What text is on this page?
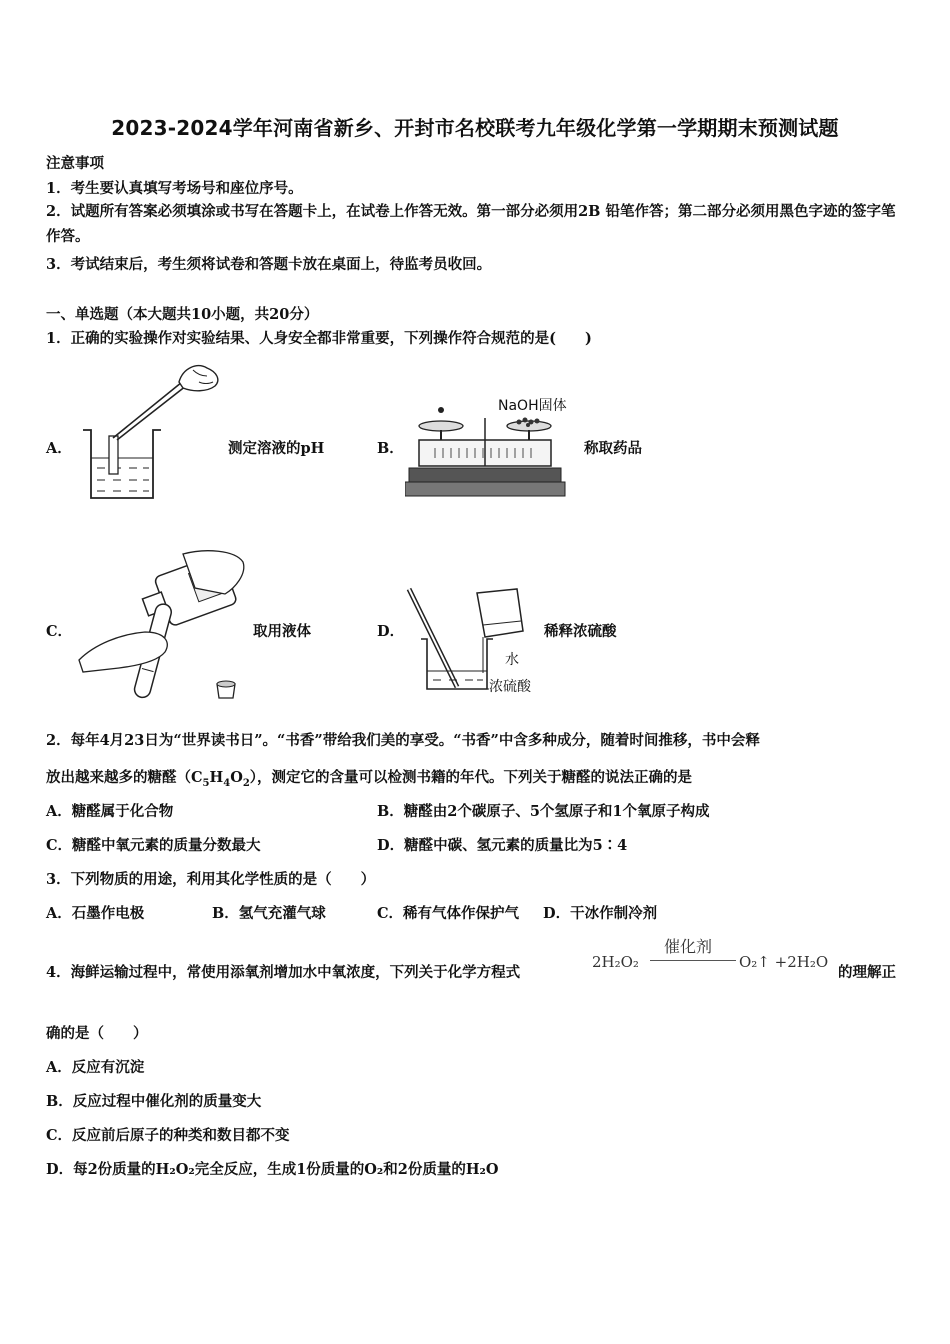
2023-2024学年河南省新乡、开封市名校联考九年级化学第一学期期末预测试题
注意事项
1．考生要认真填写考场号和座位序号。
2．试题所有答案必须填涂或书写在答题卡上，在试卷上作答无效。第一部分必须用2B 铅笔作答；第二部分必须用黑色字迹的签字笔作答。
3．考试结束后，考生须将试卷和答题卡放在桌面上，待监考员收回。
一、单选题（本大题共10小题，共20分）
1．正确的实验操作对实验结果、人身安全都非常重要，下列操作符合规范的是(　　)
A．	测定溶液的pH	B．
NaOH固体
称取药品
C．	取用液体	D．
水
浓硫酸
稀释浓硫酸
2．每年4月23日为“世界读书日”。“书香”带给我们美的享受。“书香”中含多种成分，随着时间推移，书中会释
放出越来越多的糖醛$(C_5H_4O_2)$，测定它的含量可以检测书籍的年代。下列关于糖醛的说法正确的是
A．糖醛属于化合物	B．糖醛由2个碳原子、5个氢原子和1个氧原子构成
C．糖醛中氧元素的质量分数最大	D．糖醛中碳、氢元素的质量比为5∶4
3．下列物质的用途，利用其化学性质的是（　　）
A．石墨作电极	B．氢气充灌气球	C．稀有气体作保护气 D．干冰作制冷剂
4．海鲜运输过程中，常使用添氧剂增加水中氧浓度，下列关于化学方程式
2H₂O₂
催化剂
O₂↑ +2H₂O
的理解正
确的是（　　）
A．反应有沉淀
B．反应过程中催化剂的质量变大
C．反应前后原子的种类和数目都不变
D．每2份质量的H₂O₂完全反应，生成1份质量的O₂和2份质量的H₂O
